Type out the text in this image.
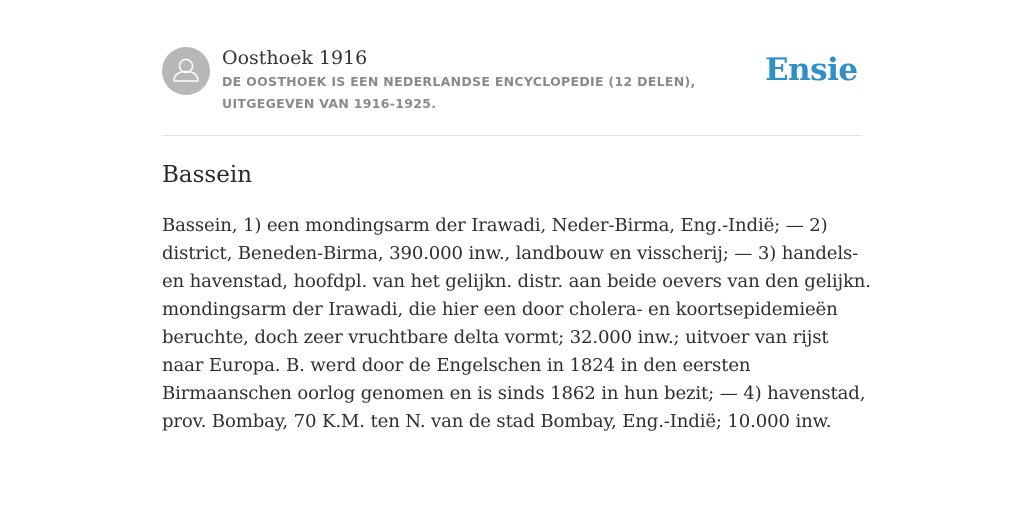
Oosthoek 1916
DE OOSTHOEK IS EEN NEDERLANDSE ENCYCLOPEDIE (12 DELEN), UITGEGEVEN VAN 1916-1925.
Ensie
Bassein

Bassein, 1) een mondingsarm der Irawadi, Neder-Birma, Eng.-Indië; — 2) district, Beneden-Birma, 390.000 inw., landbouw en visscherij; — 3) handels-en havenstad, hoofdpl. van het gelijkn. distr. aan beide oevers van den gelijkn. mondingsarm der Irawadi, die hier een door cholera- en koortsepidemieën beruchte, doch zeer vruchtbare delta vormt; 32.000 inw.; uitvoer van rijst naar Europa. B. werd door de Engelschen in 1824 in den eersten Birmaanschen oorlog genomen en is sinds 1862 in hun bezit; — 4) havenstad, prov. Bombay, 70 K.M. ten N. van de stad Bombay, Eng.-Indië; 10.000 inw.
